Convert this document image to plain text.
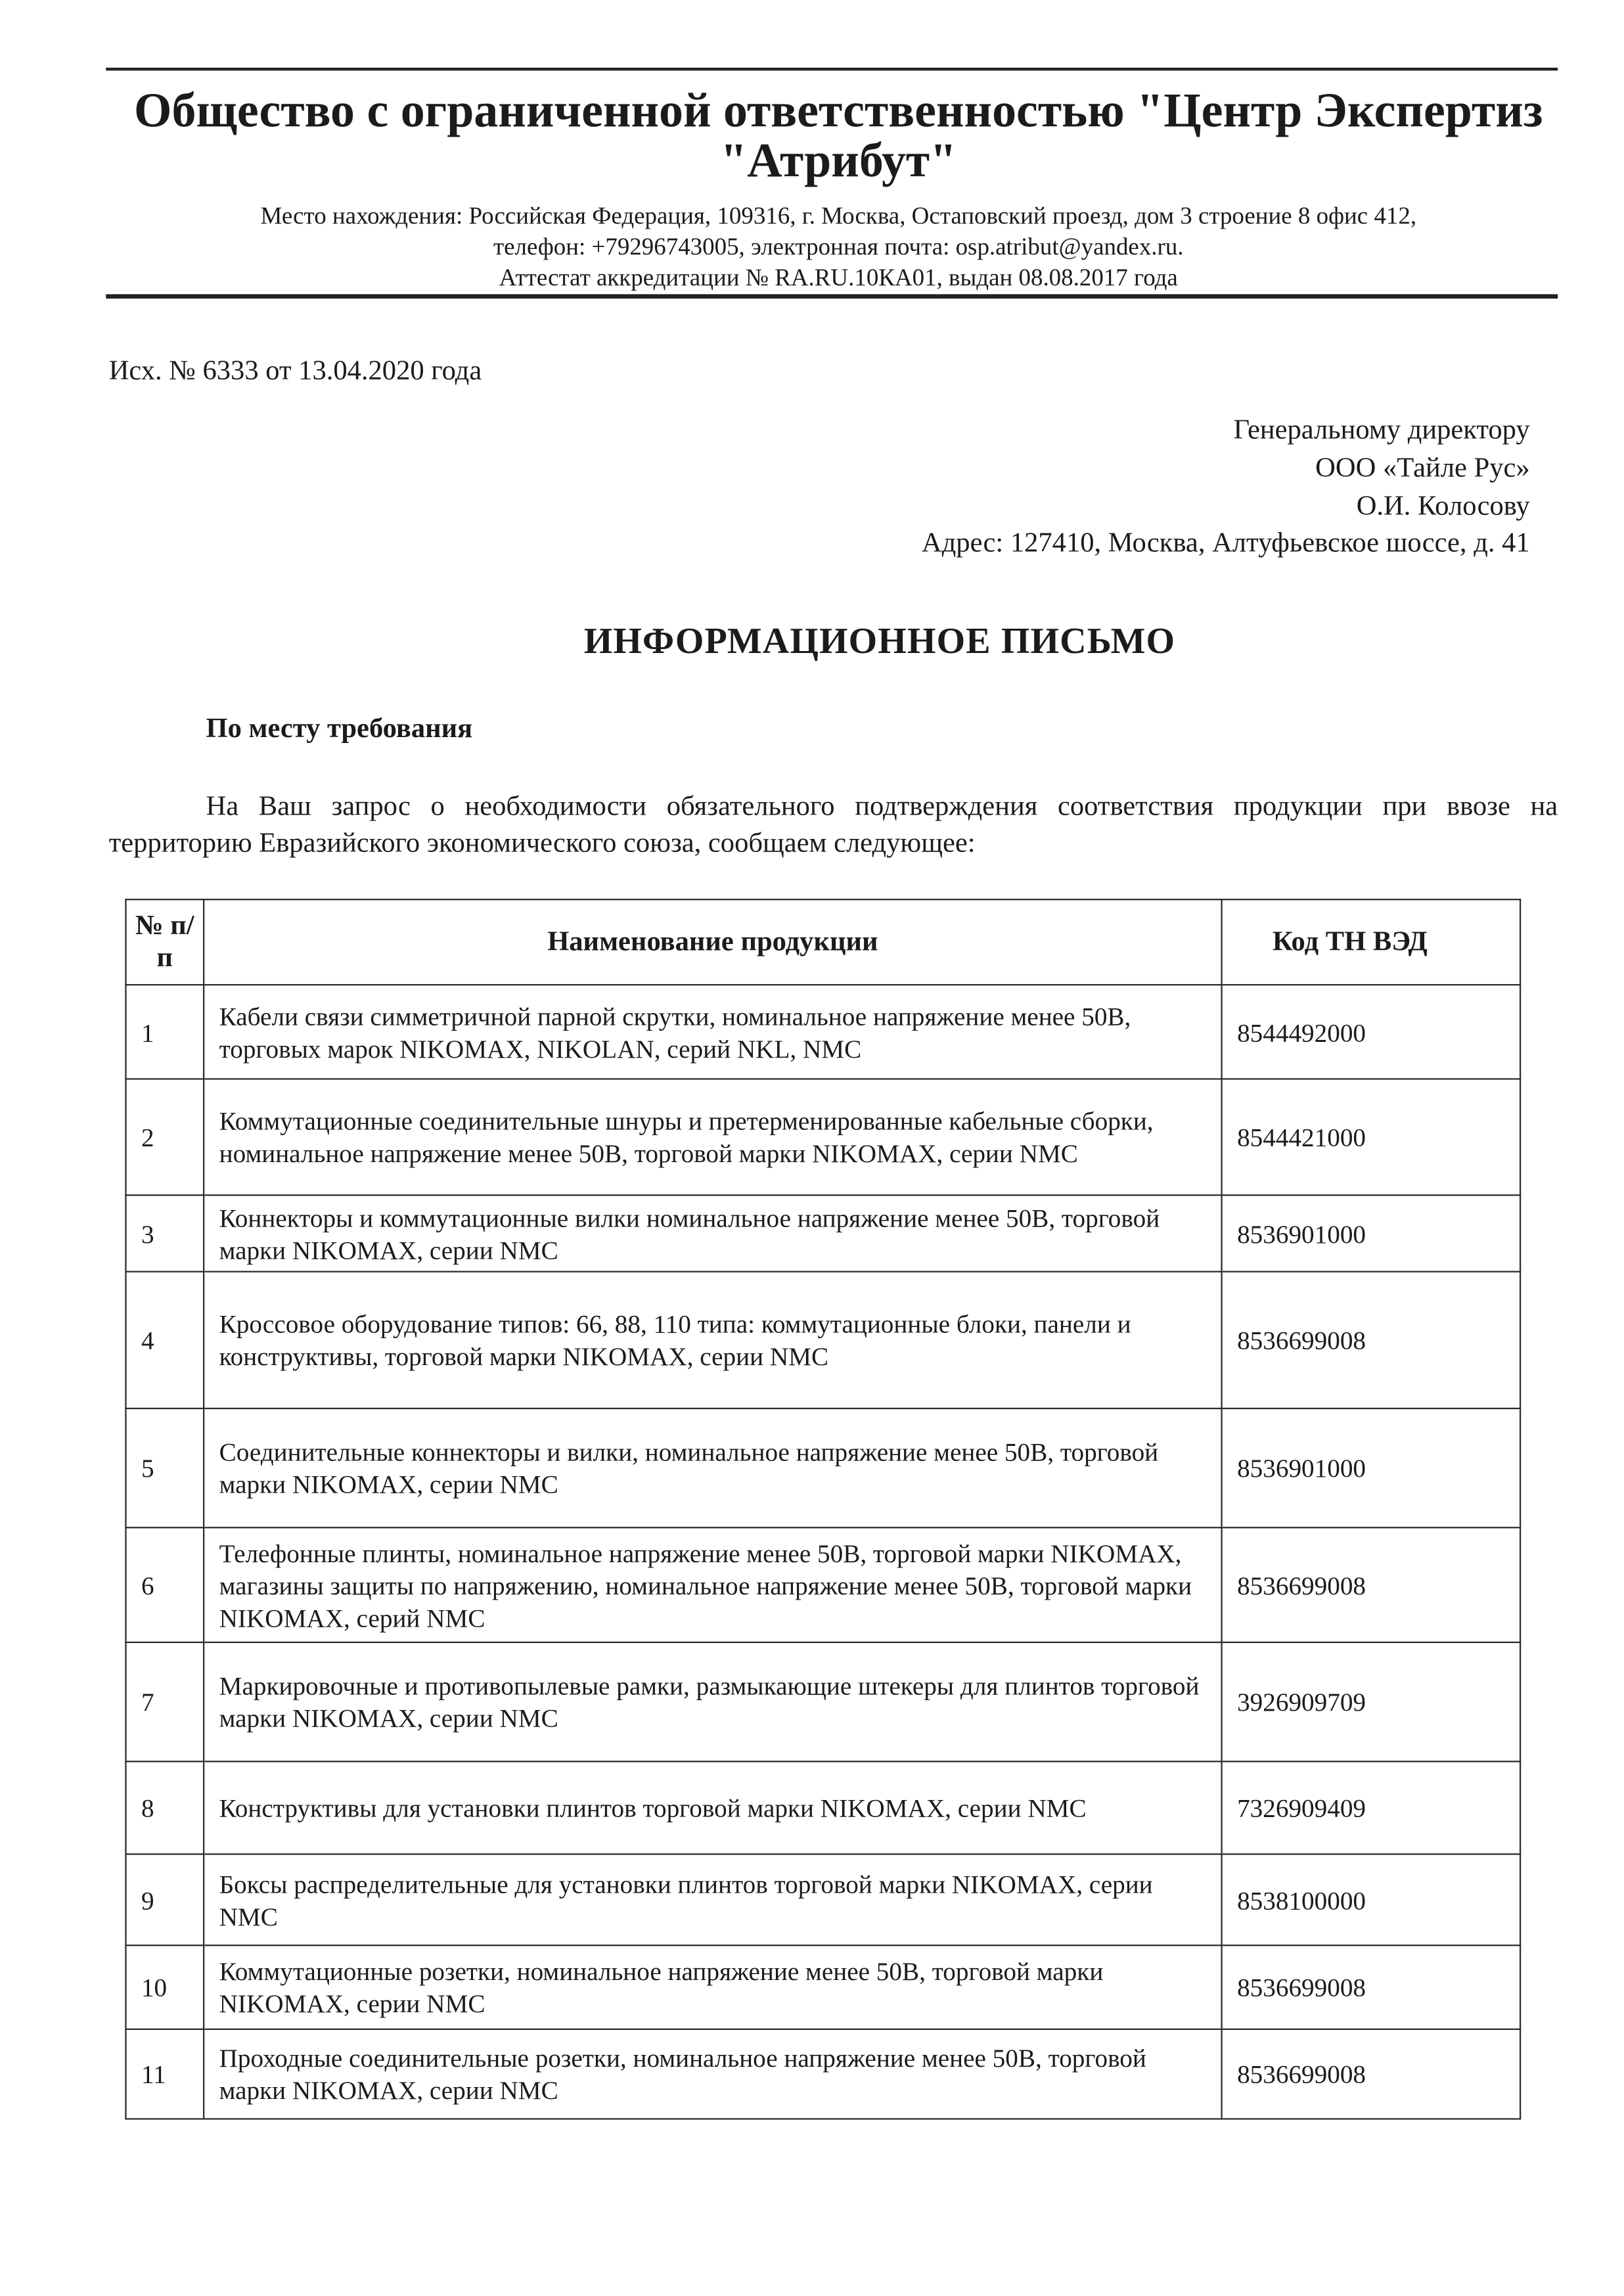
Общество с ограниченной ответственностью "Центр Экспертиз
"Атрибут"
Место нахождения: Российская Федерация, 109316, г. Москва, Остаповский проезд, дом 3 строение 8 офис 412,
телефон: +79296743005, электронная почта: osp.atribut@yandex.ru.
Аттестат аккредитации № RA.RU.10КА01, выдан 08.08.2017 года
Исх. № 6333 от 13.04.2020 года
Генеральному директору
ООО «Тайле Рус»
О.И. Колосову
Адрес: 127410, Москва, Алтуфьевское шоссе, д. 41
ИНФОРМАЦИОННОЕ ПИСЬМО
По месту требования
На Ваш запрос о необходимости обязательного подтверждения соответствия продукции при ввозе на территорию Евразийского экономического союза, сообщаем следующее:
№ п/п	Наименование продукции	Код ТН ВЭД
1	Кабели связи симметричной парной скрутки, номинальное напряжение менее 50В, торговых марок NIKOMAX, NIKOLAN, серий NKL, NMC	8544492000
2	Коммутационные соединительные шнуры и претерменированные кабельные сборки, номинальное напряжение менее 50В, торговой марки NIKOMAX, серии NMC	8544421000
3	Коннекторы и коммутационные вилки номинальное напряжение менее 50В, торговой марки NIKOMAX, серии NMC	8536901000
4	Кроссовое оборудование типов: 66, 88, 110 типа: коммутационные блоки, панели и конструктивы, торговой марки NIKOMAX, серии NMC	8536699008
5	Соединительные коннекторы и вилки, номинальное напряжение менее 50В, торговой марки NIKOMAX, серии NMC	8536901000
6	Телефонные плинты, номинальное напряжение менее 50В, торговой марки NIKOMAX, магазины защиты по напряжению, номинальное напряжение менее 50В, торговой марки NIKOMAX, серий NMC	8536699008
7	Маркировочные и противопылевые рамки, размыкающие штекеры для плинтов торговой марки NIKOMAX, серии NMC	3926909709
8	Конструктивы для установки плинтов торговой марки NIKOMAX, серии NMC	7326909409
9	Боксы распределительные для установки плинтов торговой марки NIKOMAX, серии NMC	8538100000
10	Коммутационные розетки, номинальное напряжение менее 50В, торговой марки NIKOMAX, серии NMC	8536699008
11	Проходные соединительные розетки, номинальное напряжение менее 50В, торговой марки NIKOMAX, серии NMC	8536699008
